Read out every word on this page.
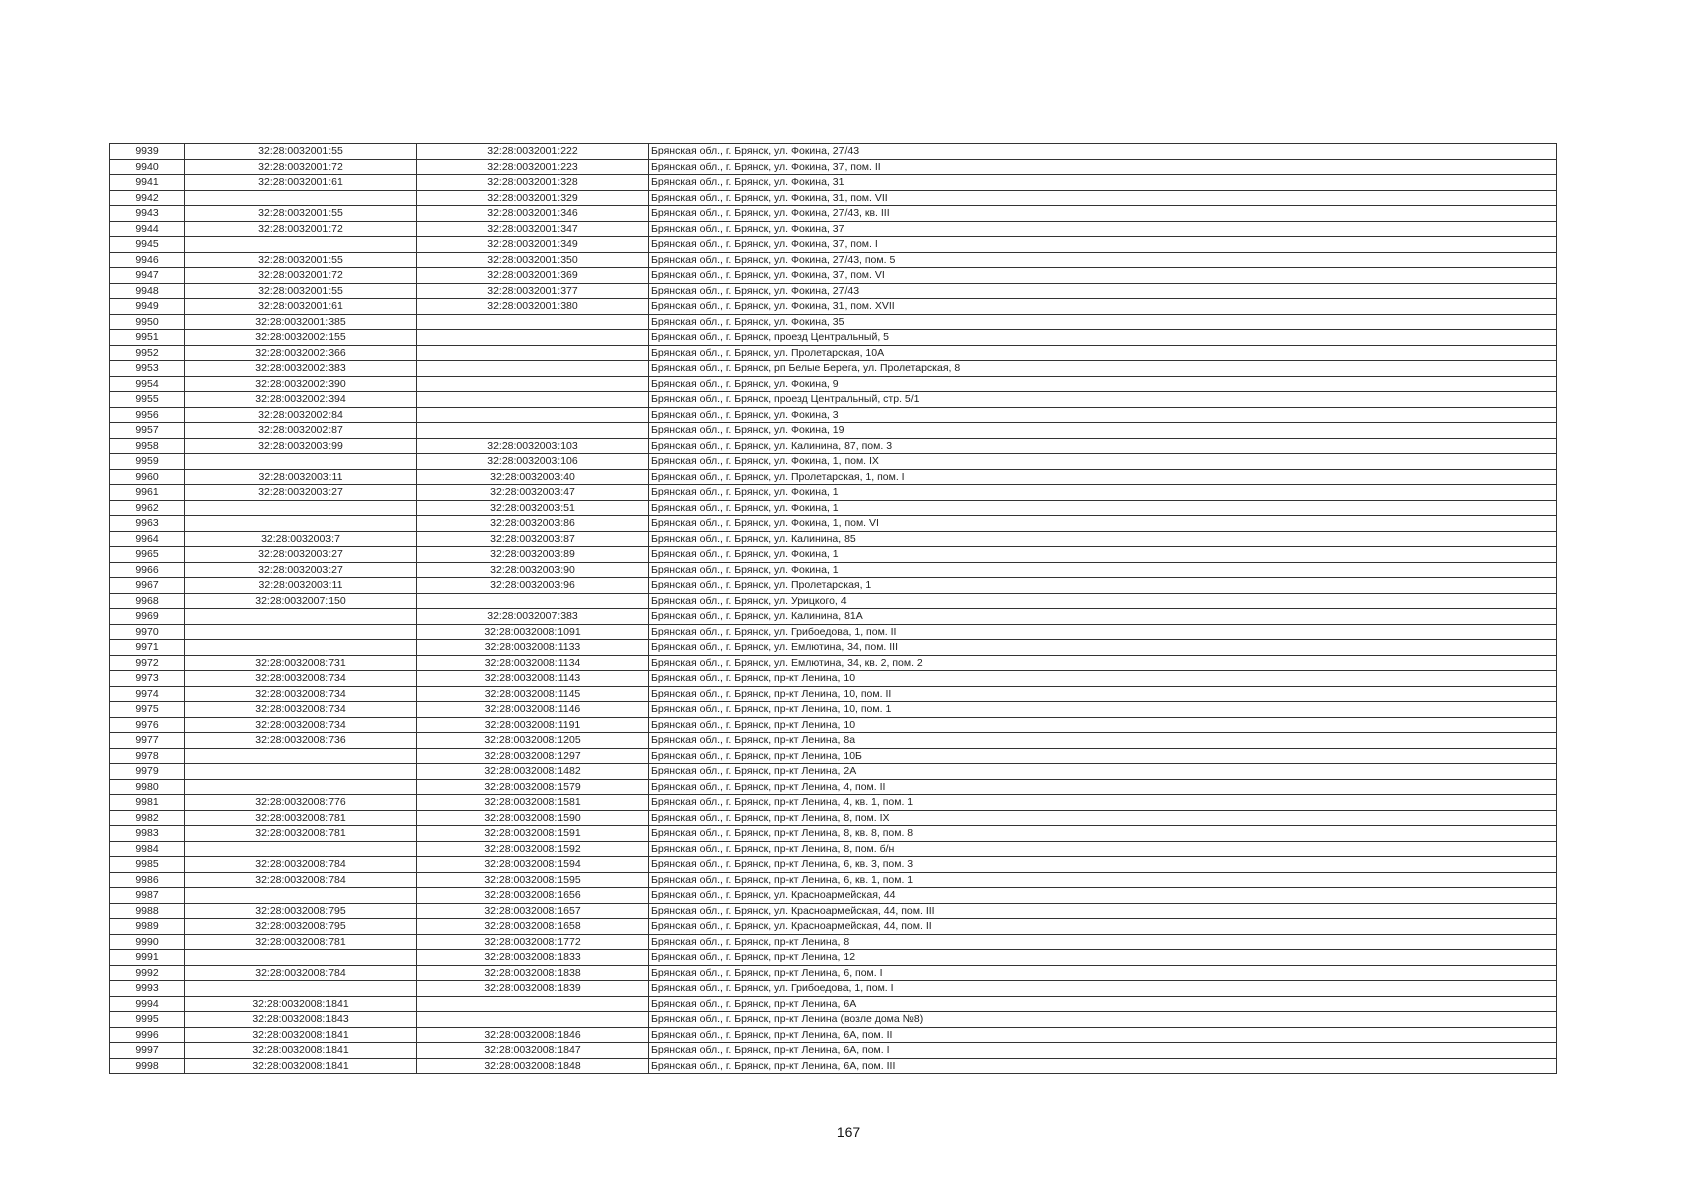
9939	32:28:0032001:55	32:28:0032001:222	Брянская обл., г. Брянск, ул. Фокина, 27/43
9940	32:28:0032001:72	32:28:0032001:223	Брянская обл., г. Брянск, ул. Фокина, 37, пом. II
9941	32:28:0032001:61	32:28:0032001:328	Брянская обл., г. Брянск, ул. Фокина, 31
9942		32:28:0032001:329	Брянская обл., г. Брянск, ул. Фокина, 31, пом. VII
9943	32:28:0032001:55	32:28:0032001:346	Брянская обл., г. Брянск, ул. Фокина, 27/43, кв. III
9944	32:28:0032001:72	32:28:0032001:347	Брянская обл., г. Брянск, ул. Фокина, 37
9945		32:28:0032001:349	Брянская обл., г. Брянск, ул. Фокина, 37, пом. I
9946	32:28:0032001:55	32:28:0032001:350	Брянская обл., г. Брянск, ул. Фокина, 27/43, пом. 5
9947	32:28:0032001:72	32:28:0032001:369	Брянская обл., г. Брянск, ул. Фокина, 37, пом. VI
9948	32:28:0032001:55	32:28:0032001:377	Брянская обл., г. Брянск, ул. Фокина, 27/43
9949	32:28:0032001:61	32:28:0032001:380	Брянская обл., г. Брянск, ул. Фокина, 31, пом. XVII
9950	32:28:0032001:385		Брянская обл., г. Брянск, ул. Фокина, 35
9951	32:28:0032002:155		Брянская обл., г. Брянск, проезд Центральный, 5
9952	32:28:0032002:366		Брянская обл., г. Брянск, ул. Пролетарская, 10А
9953	32:28:0032002:383		Брянская обл., г. Брянск, рп Белые Берега, ул. Пролетарская, 8
9954	32:28:0032002:390		Брянская обл., г. Брянск, ул. Фокина, 9
9955	32:28:0032002:394		Брянская обл., г. Брянск, проезд Центральный, стр. 5/1
9956	32:28:0032002:84		Брянская обл., г. Брянск, ул. Фокина, 3
9957	32:28:0032002:87		Брянская обл., г. Брянск, ул. Фокина, 19
9958	32:28:0032003:99	32:28:0032003:103	Брянская обл., г. Брянск, ул. Калинина, 87, пом. 3
9959		32:28:0032003:106	Брянская обл., г. Брянск, ул. Фокина, 1, пом. IX
9960	32:28:0032003:11	32:28:0032003:40	Брянская обл., г. Брянск, ул. Пролетарская, 1, пом. I
9961	32:28:0032003:27	32:28:0032003:47	Брянская обл., г. Брянск, ул. Фокина, 1
9962		32:28:0032003:51	Брянская обл., г. Брянск, ул. Фокина, 1
9963		32:28:0032003:86	Брянская обл., г. Брянск, ул. Фокина, 1, пом. VI
9964	32:28:0032003:7	32:28:0032003:87	Брянская обл., г. Брянск, ул. Калинина, 85
9965	32:28:0032003:27	32:28:0032003:89	Брянская обл., г. Брянск, ул. Фокина, 1
9966	32:28:0032003:27	32:28:0032003:90	Брянская обл., г. Брянск, ул. Фокина, 1
9967	32:28:0032003:11	32:28:0032003:96	Брянская обл., г. Брянск, ул. Пролетарская, 1
9968	32:28:0032007:150		Брянская обл., г. Брянск, ул. Урицкого, 4
9969		32:28:0032007:383	Брянская обл., г. Брянск, ул. Калинина, 81А
9970		32:28:0032008:1091	Брянская обл., г. Брянск, ул. Грибоедова, 1, пом. II
9971		32:28:0032008:1133	Брянская обл., г. Брянск, ул. Емлютина, 34, пом. III
9972	32:28:0032008:731	32:28:0032008:1134	Брянская обл., г. Брянск, ул. Емлютина, 34, кв. 2, пом. 2
9973	32:28:0032008:734	32:28:0032008:1143	Брянская обл., г. Брянск, пр-кт Ленина, 10
9974	32:28:0032008:734	32:28:0032008:1145	Брянская обл., г. Брянск, пр-кт Ленина, 10, пом. II
9975	32:28:0032008:734	32:28:0032008:1146	Брянская обл., г. Брянск, пр-кт Ленина, 10, пом. 1
9976	32:28:0032008:734	32:28:0032008:1191	Брянская обл., г. Брянск, пр-кт Ленина, 10
9977	32:28:0032008:736	32:28:0032008:1205	Брянская обл., г. Брянск, пр-кт Ленина, 8а
9978		32:28:0032008:1297	Брянская обл., г. Брянск, пр-кт Ленина, 10Б
9979		32:28:0032008:1482	Брянская обл., г. Брянск, пр-кт Ленина, 2А
9980		32:28:0032008:1579	Брянская обл., г. Брянск, пр-кт Ленина, 4, пом. II
9981	32:28:0032008:776	32:28:0032008:1581	Брянская обл., г. Брянск, пр-кт Ленина, 4, кв. 1, пом. 1
9982	32:28:0032008:781	32:28:0032008:1590	Брянская обл., г. Брянск, пр-кт Ленина, 8, пом. IX
9983	32:28:0032008:781	32:28:0032008:1591	Брянская обл., г. Брянск, пр-кт Ленина, 8, кв. 8, пом. 8
9984		32:28:0032008:1592	Брянская обл., г. Брянск, пр-кт Ленина, 8, пом. б/н
9985	32:28:0032008:784	32:28:0032008:1594	Брянская обл., г. Брянск, пр-кт Ленина, 6, кв. 3, пом. 3
9986	32:28:0032008:784	32:28:0032008:1595	Брянская обл., г. Брянск, пр-кт Ленина, 6, кв. 1, пом. 1
9987		32:28:0032008:1656	Брянская обл., г. Брянск, ул. Красноармейская, 44
9988	32:28:0032008:795	32:28:0032008:1657	Брянская обл., г. Брянск, ул. Красноармейская, 44, пом. III
9989	32:28:0032008:795	32:28:0032008:1658	Брянская обл., г. Брянск, ул. Красноармейская, 44, пом. II
9990	32:28:0032008:781	32:28:0032008:1772	Брянская обл., г. Брянск, пр-кт Ленина, 8
9991		32:28:0032008:1833	Брянская обл., г. Брянск, пр-кт Ленина, 12
9992	32:28:0032008:784	32:28:0032008:1838	Брянская обл., г. Брянск, пр-кт Ленина, 6, пом. I
9993		32:28:0032008:1839	Брянская обл., г. Брянск, ул. Грибоедова, 1, пом. I
9994	32:28:0032008:1841		Брянская обл., г. Брянск, пр-кт Ленина, 6А
9995	32:28:0032008:1843		Брянская обл., г. Брянск, пр-кт Ленина (возле дома №8)
9996	32:28:0032008:1841	32:28:0032008:1846	Брянская обл., г. Брянск, пр-кт Ленина, 6А, пом. II
9997	32:28:0032008:1841	32:28:0032008:1847	Брянская обл., г. Брянск, пр-кт Ленина, 6А, пом. I
9998	32:28:0032008:1841	32:28:0032008:1848	Брянская обл., г. Брянск, пр-кт Ленина, 6А, пом. III
167
